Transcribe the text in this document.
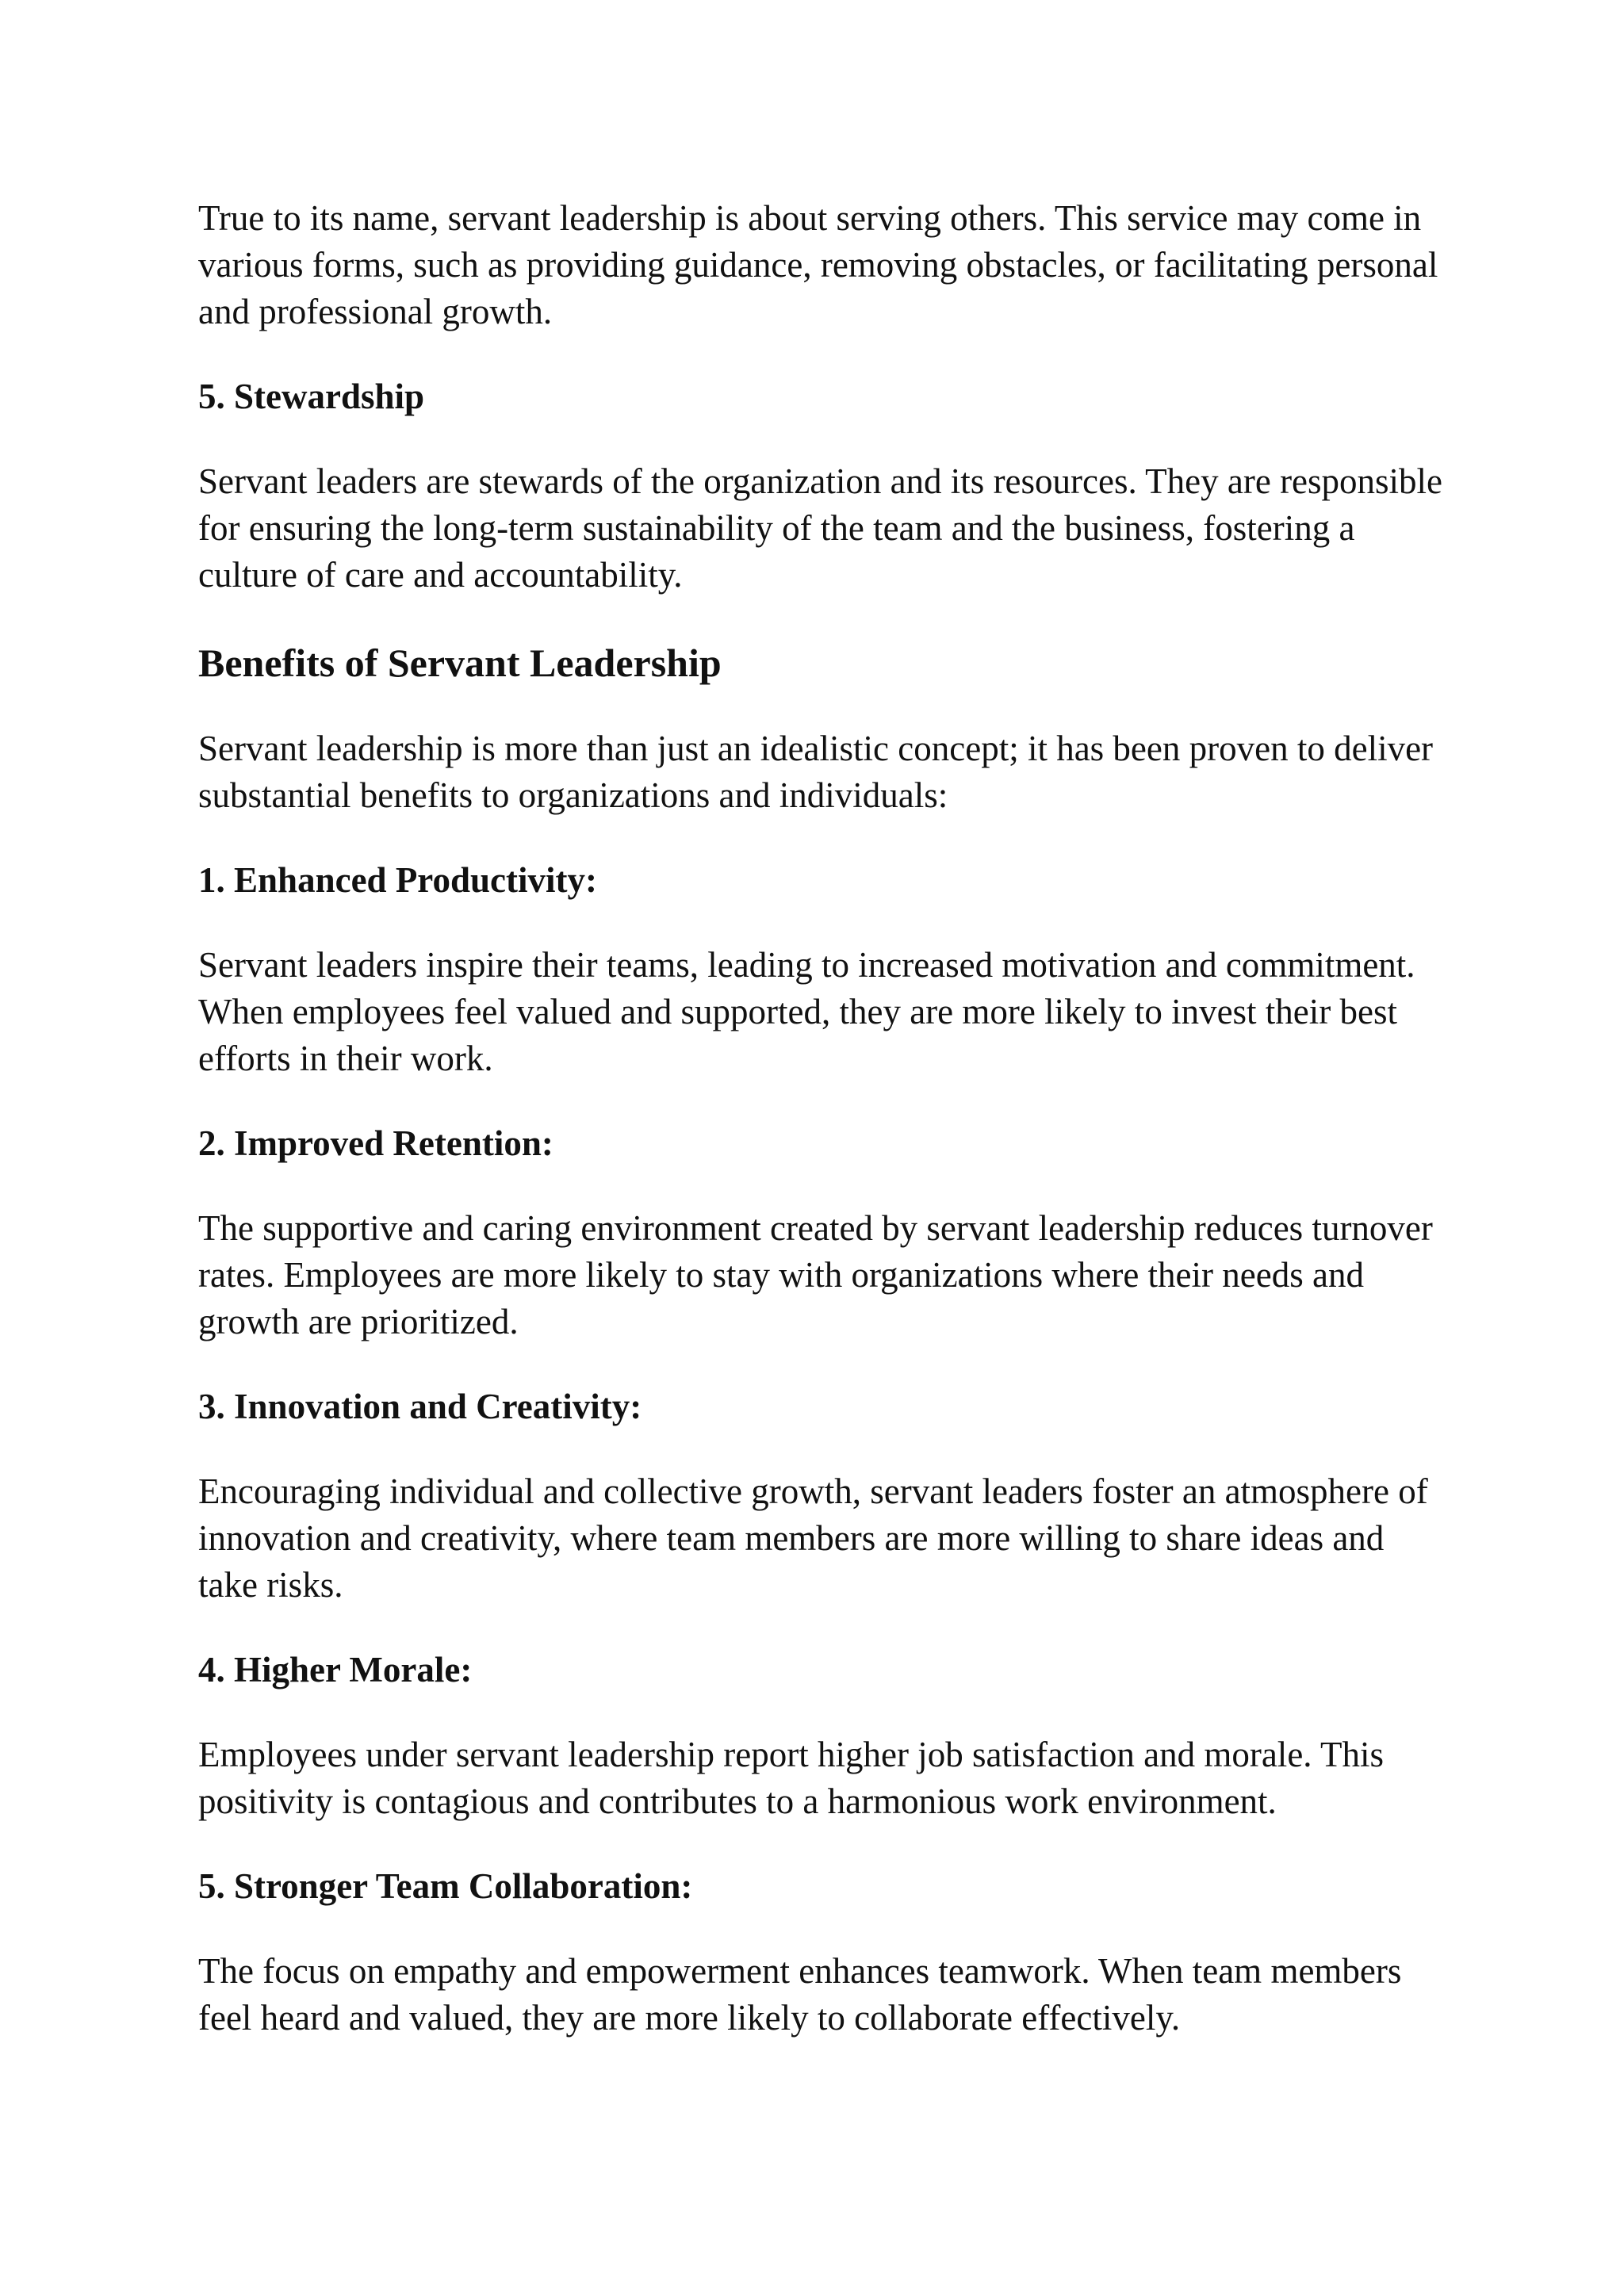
True to its name, servant leadership is about serving others. This service may come in various forms, such as providing guidance, removing obstacles, or facilitating personal and professional growth.

5. Stewardship

Servant leaders are stewards of the organization and its resources. They are responsible for ensuring the long-term sustainability of the team and the business, fostering a culture of care and accountability.

Benefits of Servant Leadership

Servant leadership is more than just an idealistic concept; it has been proven to deliver substantial benefits to organizations and individuals:

1. Enhanced Productivity:

Servant leaders inspire their teams, leading to increased motivation and commitment. When employees feel valued and supported, they are more likely to invest their best efforts in their work.

2. Improved Retention:

The supportive and caring environment created by servant leadership reduces turnover rates. Employees are more likely to stay with organizations where their needs and growth are prioritized.

3. Innovation and Creativity:

Encouraging individual and collective growth, servant leaders foster an atmosphere of innovation and creativity, where team members are more willing to share ideas and take risks.

4. Higher Morale:

Employees under servant leadership report higher job satisfaction and morale. This positivity is contagious and contributes to a harmonious work environment.

5. Stronger Team Collaboration:

The focus on empathy and empowerment enhances teamwork. When team members feel heard and valued, they are more likely to collaborate effectively.
